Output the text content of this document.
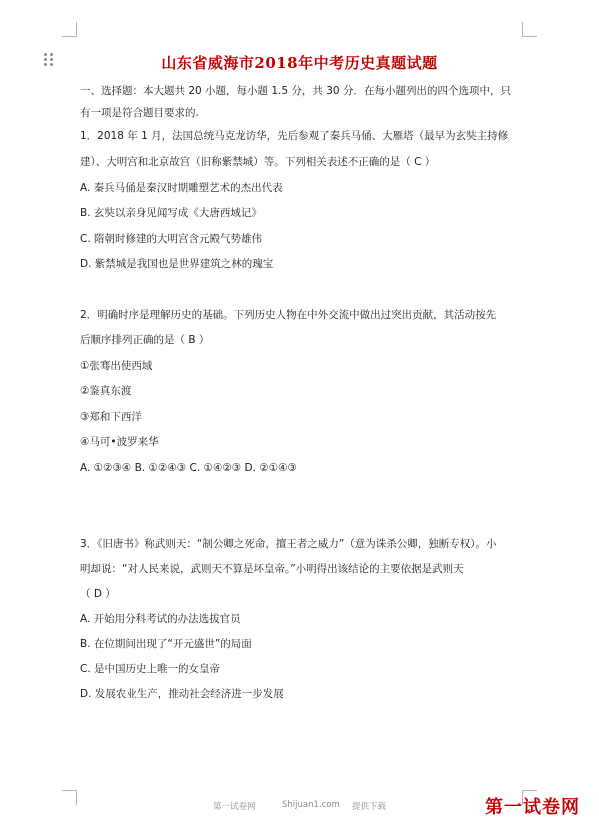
山东省威海市2018年中考历史真题试题
一、选择题：本大题共 20 小题，每小题 1.5 分，共 30 分．在每小题列出的四个选项中，只
有一项是符合题目要求的.
1．2018 年 1 月，法国总统马克龙访华，先后参观了秦兵马俑、大雁塔（最早为玄奘主持修
建）、大明宫和北京故宫（旧称紫禁城）等。下列相关表述不正确的是（ C ）
A. 秦兵马俑是秦汉时期雕塑艺术的杰出代表
B. 玄奘以亲身见闻写成《大唐西域记》
C. 隋朝时修建的大明宫含元殿气势雄伟
D. 紫禁城是我国也是世界建筑之林的瑰宝
2．明确时序是理解历史的基础。下列历史人物在中外交流中做出过突出贡献，其活动按先
后顺序排列正确的是（ B ）
①张骞出使西域
②鉴真东渡
③郑和下西洋
④马可•波罗来华
A. ①②③④ B. ①②④③ C. ①④②③ D. ②①④③
3．《旧唐书》称武则天：“制公卿之死命，擅王者之威力”（意为诛杀公卿，独断专权）。小
明却说：“对人民来说，武则天不算是坏皇帝。”小明得出该结论的主要依据是武则天
（ D ）
A. 开始用分科考试的办法选拔官员
B. 在位期间出现了“开元盛世”的局面
C. 是中国历史上唯一的女皇帝
D. 发展农业生产，推动社会经济进一步发展
第一试卷网	Shijuan1.com 提供下载	第一试卷网
